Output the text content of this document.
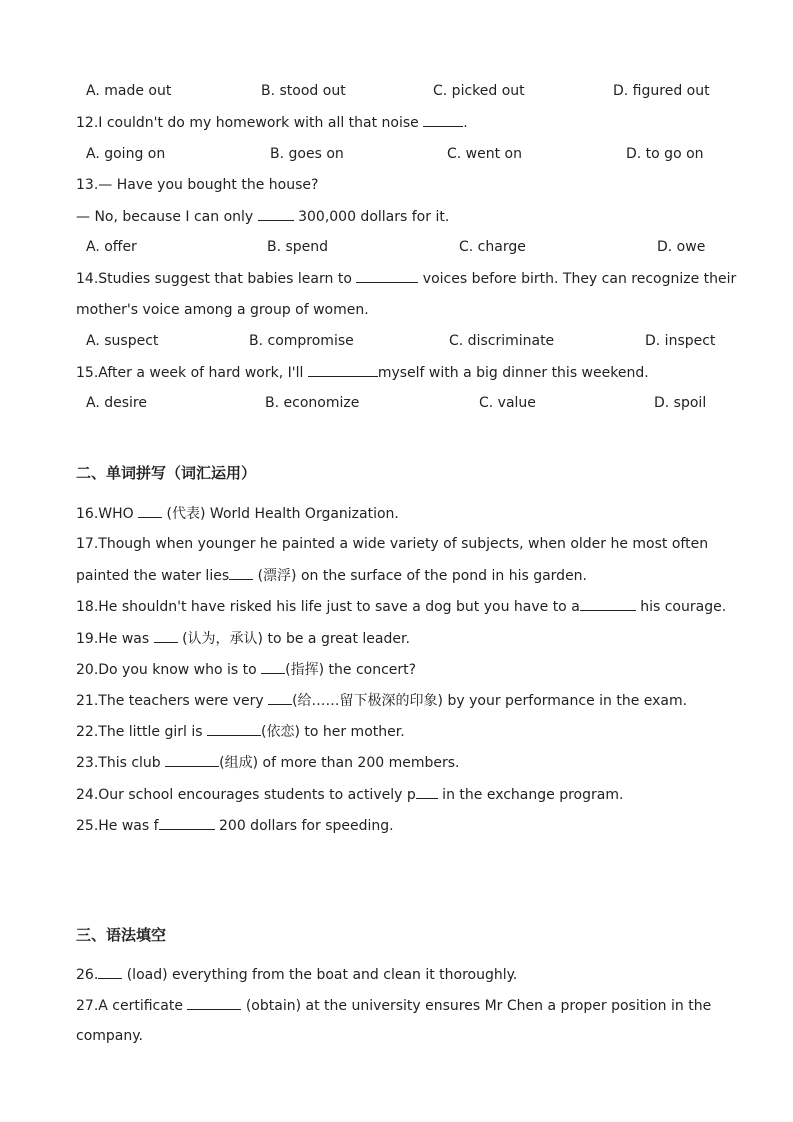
A. made out	B. stood out	C. picked out	D. figured out
12.I couldn't do my homework with all that noise	.
A. going on	B. goes on	C. went on	D. to go on
13.— Have you bought the house?
— No, because I can only	300,000 dollars for it.
A. offer	B. spend	C. charge	D. owe
14.Studies suggest that babies learn to	voices before birth. They can recognize their
mother's voice among a group of women.
A. suspect	B. compromise	C. discriminate	D. inspect
15.After a week of hard work, I'll	myself with a big dinner this weekend.
A. desire	B. economize	C. value	D. spoil
二、单词拼写（词汇运用）
16.WHO  (代表) World Health Organization.
17.Though when younger he painted a wide variety of subjects, when older he most often
painted the water lies (漂浮) on the surface of the pond in his garden.
18.He shouldn't have risked his life just to save a dog but you have to a	his courage.
19.He was  (认为，承认) to be a great leader.
20.Do you know who is to (指挥) the concert?
21.The teachers were very (给……留下极深的印象) by your performance in the exam.
22.The little girl is	(依恋) to her mother.
23.This club	(组成) of more than 200 members.
24.Our school encourages students to actively p in the exchange program.
25.He was f	200 dollars for speeding.
三、语法填空
26. (load) everything from the boat and clean it thoroughly.
27.A certificate	(obtain) at the university ensures Mr Chen a proper position in the
company.
